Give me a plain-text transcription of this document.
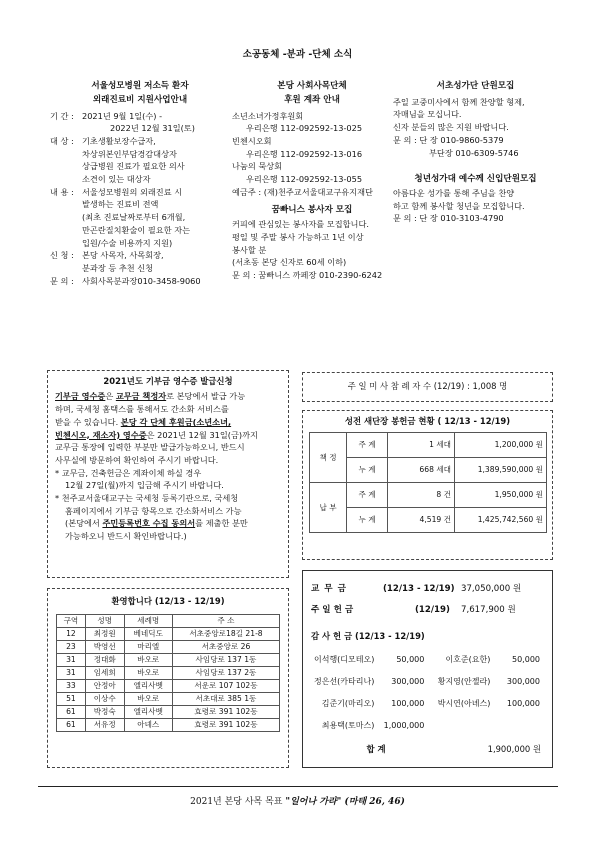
소공동체 -분과 -단체 소식
서울성모병원 저소득 환자
외래진료비 지원사업안내
기 간 :	2021년 9월 1일(수) -
2022년 12월 31일(토)
대 상 :	기초생활보장수급자,
차상위본인부담경감대상자
상급병원 진료가 필요한 의사
소견이 있는 대상자
내 용 :	서울성모병원의 외래진료 시
발생하는 진료비 전액
(최초 진료날짜로부터 6개월,
만곤란질치환술이 필요한 자는
입원/수술 비용까지 지원)
신 청 :	본당 사목자, 사목회장,
분과장 등 추천 신청
문 의 :	사회사목분과장010-3458-9060
본당 사회사목단체
후원 계좌 안내
소년소녀가정후원회
우리은행 112-092592-13-025
빈첸시오회
우리은행 112-092592-13-016
나눔의 묵상회
우리은행 112-092592-13-055
예금주 : (재)천주교서울대교구유지재단
꿈빠니스 봉사자 모집
커피에 관심있는 봉사자를 모집합니다.
평일 및 주말 봉사 가능하고 1년 이상
봉사할 분
(서초동 본당 신자로 60세 이하)
문 의 : 꿈빠니스 까페장 010-2390-6242
서초성가단 단원모집
주일 교중미사에서 함께 찬양할 형제,
자매님을 모십니다.
신자 분들의 많은 지원 바랍니다.
문 의 : 단 장 010-9860-5379
부단장 010-6309-5746
청년성가대 예수께 신입단원모집
아름다운 성가를 통해 주님을 찬양
하고 함께 봉사할 청년을 모집합니다.
문 의 : 단 장 010-3103-4790
2021년도 기부금 영수증 발급신청
기부금 영수증은 교무금 책정자로 본당에서 발급 가능
하며, 국세청 홈택스를 통해서도 간소화 서비스를
받을 수 있습니다. 본당 각 단체 후원금(소년소녀,
빈첸시오, 재소자) 영수증은 2021년 12월 31일(금)까지
교무금 통장에 입력한 부분만 발급가능하오니, 반드시
사무실에 방문하여 확인하여 주시기 바랍니다.
* 교무금, 건축헌금은 계좌이체 하실 경우
12월 27일(월)까지 입금해 주시기 바랍니다.
* 천주교서울대교구는 국세청 등록기관으로, 국세청
홈페이지에서 기부금 항목으로 간소화서비스 가능
(본당에서 주민등록번호 수집 동의서를 제출한 분만
가능하오니 반드시 확인바랍니다.)
주 일 미 사 참 례 자 수 (12/19) : 1,008 명
성전 새단장 봉헌금 현황 ( 12/13 - 12/19)
책 정	주 계	1 세대	1,200,000 원
	누 계	668 세대	1,389,590,000 원
납 부	주 계	8 건	1,950,000 원
	누 계	4,519 건	1,425,742,560 원
환영합니다 (12/13 - 12/19)
구역	성명	세례명	주 소
12	최정원	베네딕도	서초중앙로18길 21-8
23	박영선	마리엘	서초중앙로 26
31	정대화	바오로	사임당로 137 1동
31	임세희	바오로	사임당로 137 2동
33	안정아	엘리사벳	서운로 107 102동
51	이상수	바오로	서초대로 385 1동
61	박정숙	엘리사벳	효령로 391 102동
61	서유정	아녜스	효령로 391 102동
교 무 금	(12/13 - 12/19) 37,050,000 원
주 일 헌 금	(12/19)	7,617,900 원
감 사 헌 금 (12/13 - 12/19)
이석행(디모테오)	50,000	이호준(요한)	50,000
정은선(카타리나)	300,000	황지영(안젤라)	300,000
김준기(마리오)	100,000	박시연(아녜스)	100,000
최용택(토마스)	1,000,000		
합 계	1,900,000 원
2021년 본당 사목 목표 "일어나 가라" (마태 26, 46)
